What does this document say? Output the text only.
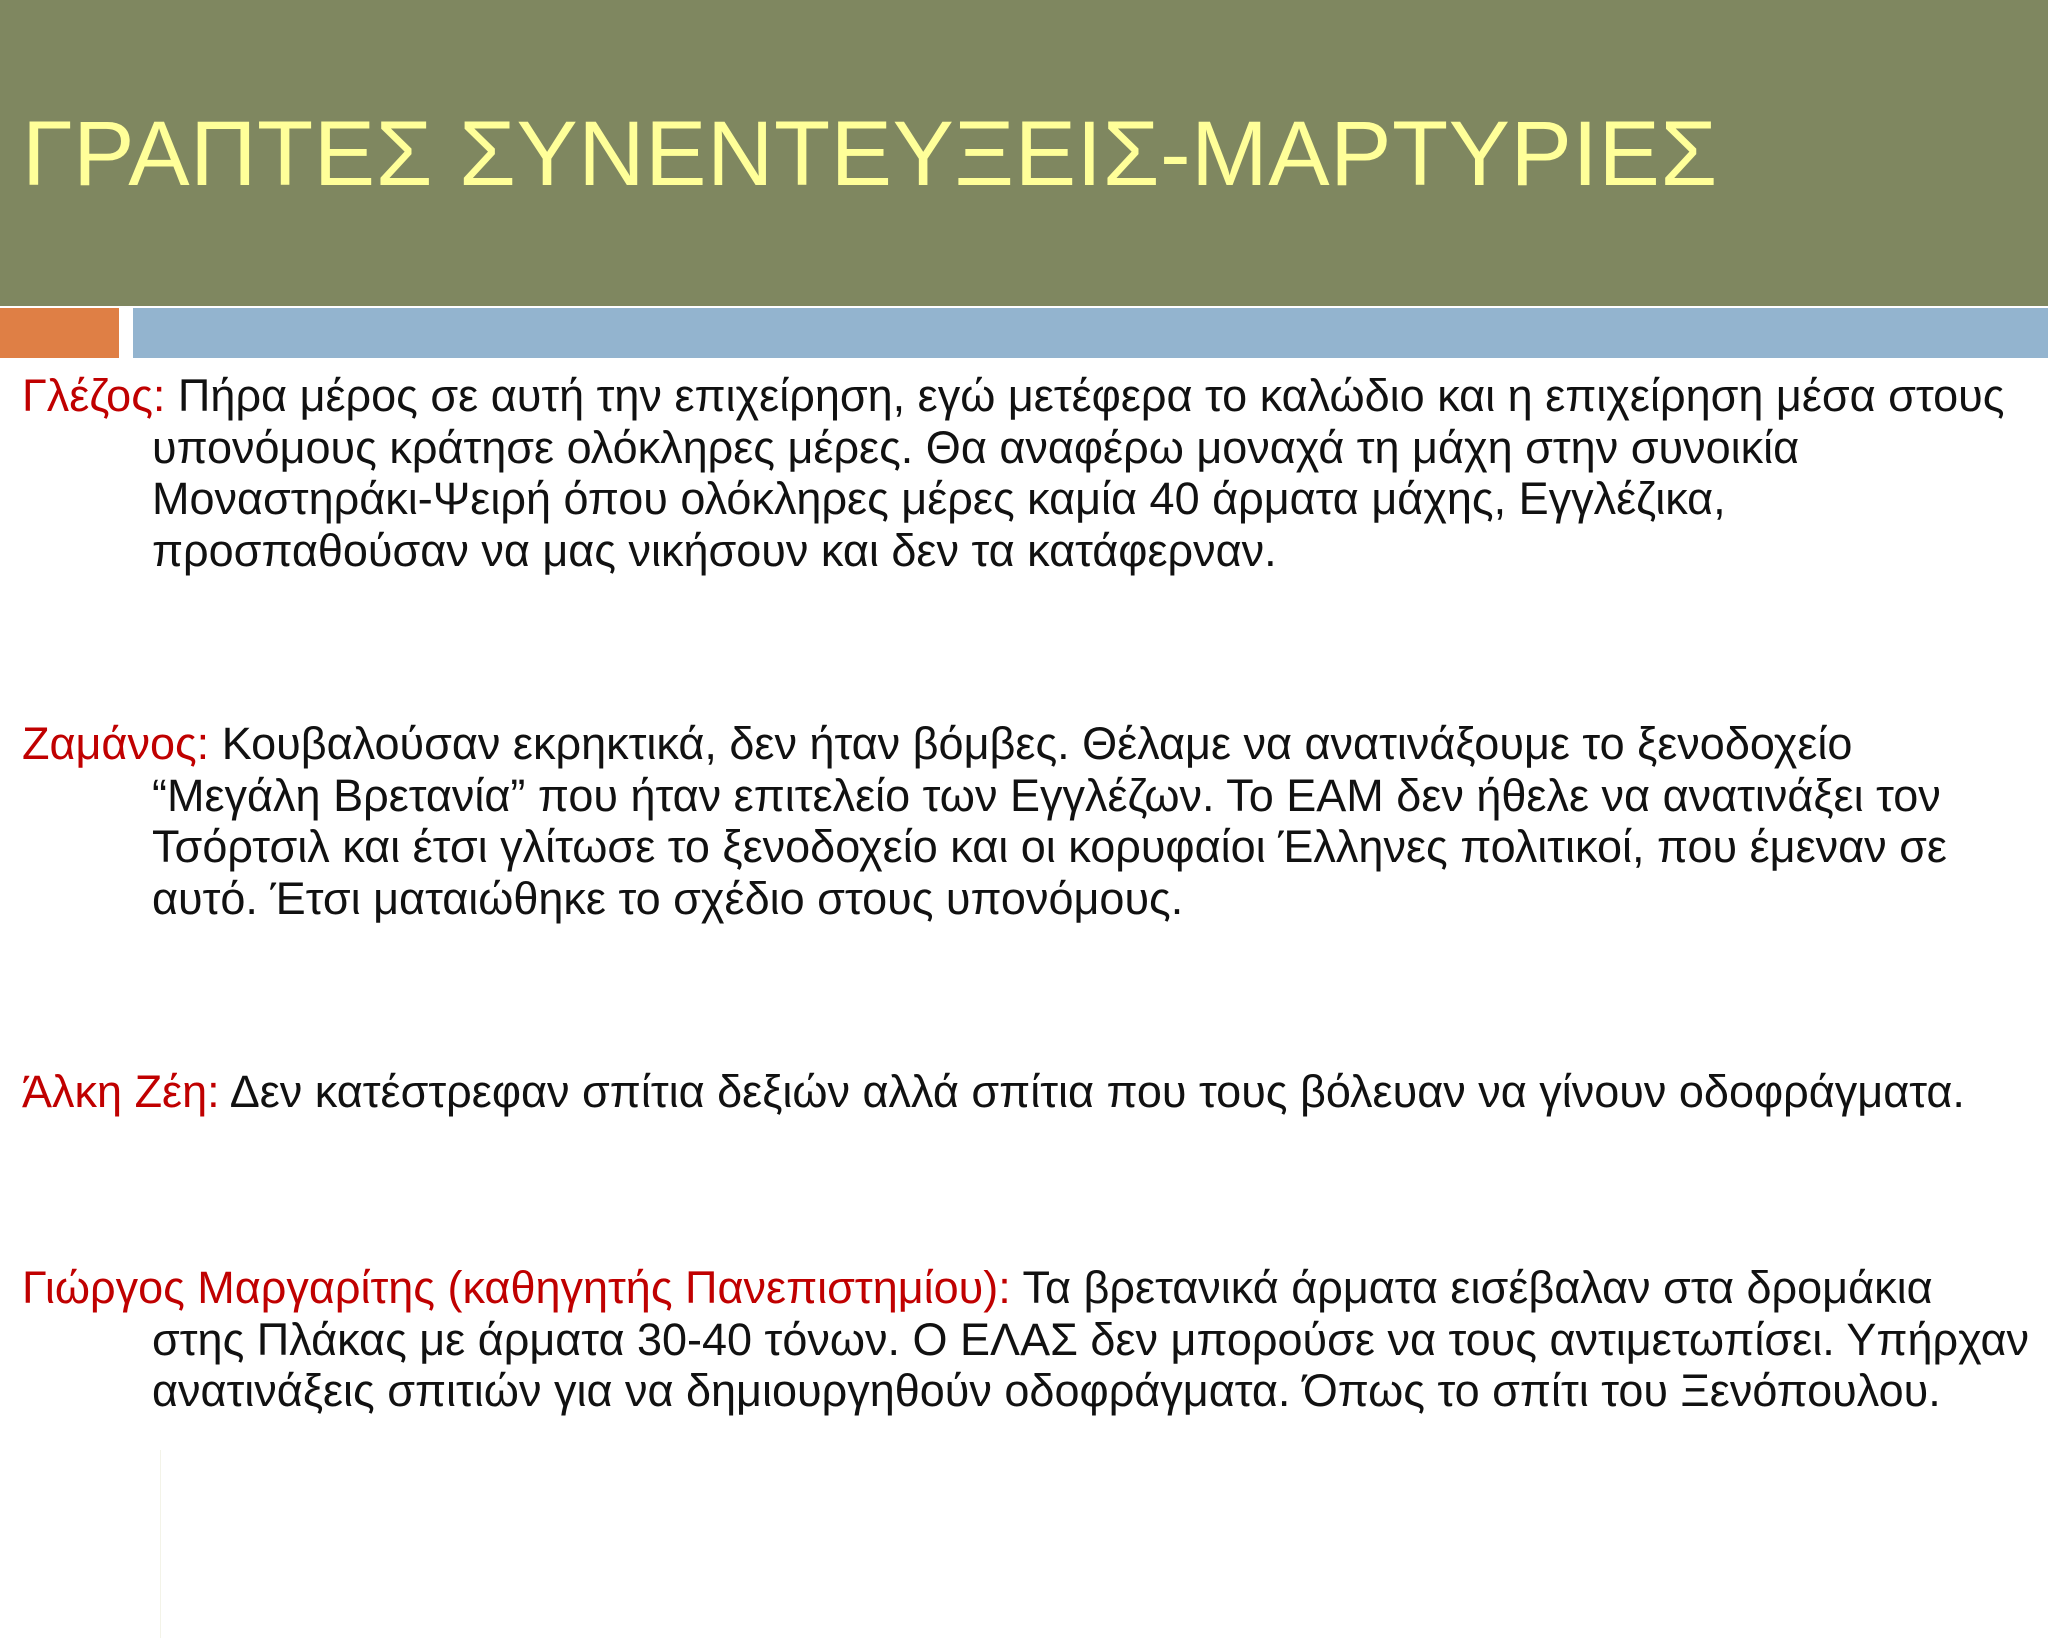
ΓΡΑΠΤΕΣ ΣΥΝΕΝΤΕΥΞΕΙΣ-ΜΑΡΤΥΡΙΕΣ

Γλέζος: Πήρα μέρος σε αυτή την επιχείρηση, εγώ μετέφερα το καλώδιο και η επιχείρηση μέσα στους υπονόμους κράτησε ολόκληρες μέρες. Θα αναφέρω μοναχά τη μάχη στην συνοικία Μοναστηράκι-Ψειρή όπου ολόκληρες μέρες καμία 40 άρματα μάχης, Εγγλέζικα, προσπαθούσαν να μας νικήσουν και δεν τα κατάφερναν.

Ζαμάνος: Κουβαλούσαν εκρηκτικά, δεν ήταν βόμβες. Θέλαμε να ανατινάξουμε το ξενοδοχείο “Μεγάλη Βρετανία” που ήταν επιτελείο των Εγγλέζων. Το ΕΑΜ δεν ήθελε να ανατινάξει τον Τσόρτσιλ και έτσι γλίτωσε το ξενοδοχείο και οι κορυφαίοι Έλληνες πολιτικοί, που έμεναν σε αυτό. Έτσι ματαιώθηκε το σχέδιο στους υπονόμους.

Άλκη Ζέη: Δεν κατέστρεφαν σπίτια δεξιών αλλά σπίτια που τους βόλευαν να γίνουν οδοφράγματα.

Γιώργος Μαργαρίτης (καθηγητής Πανεπιστημίου): Τα βρετανικά άρματα εισέβαλαν στα δρομάκια στης Πλάκας με άρματα 30-40 τόνων. Ο ΕΛΑΣ δεν μπορούσε να τους αντιμετωπίσει. Υπήρχαν ανατινάξεις σπιτιών για να δημιουργηθούν οδοφράγματα. Όπως το σπίτι του Ξενόπουλου.
